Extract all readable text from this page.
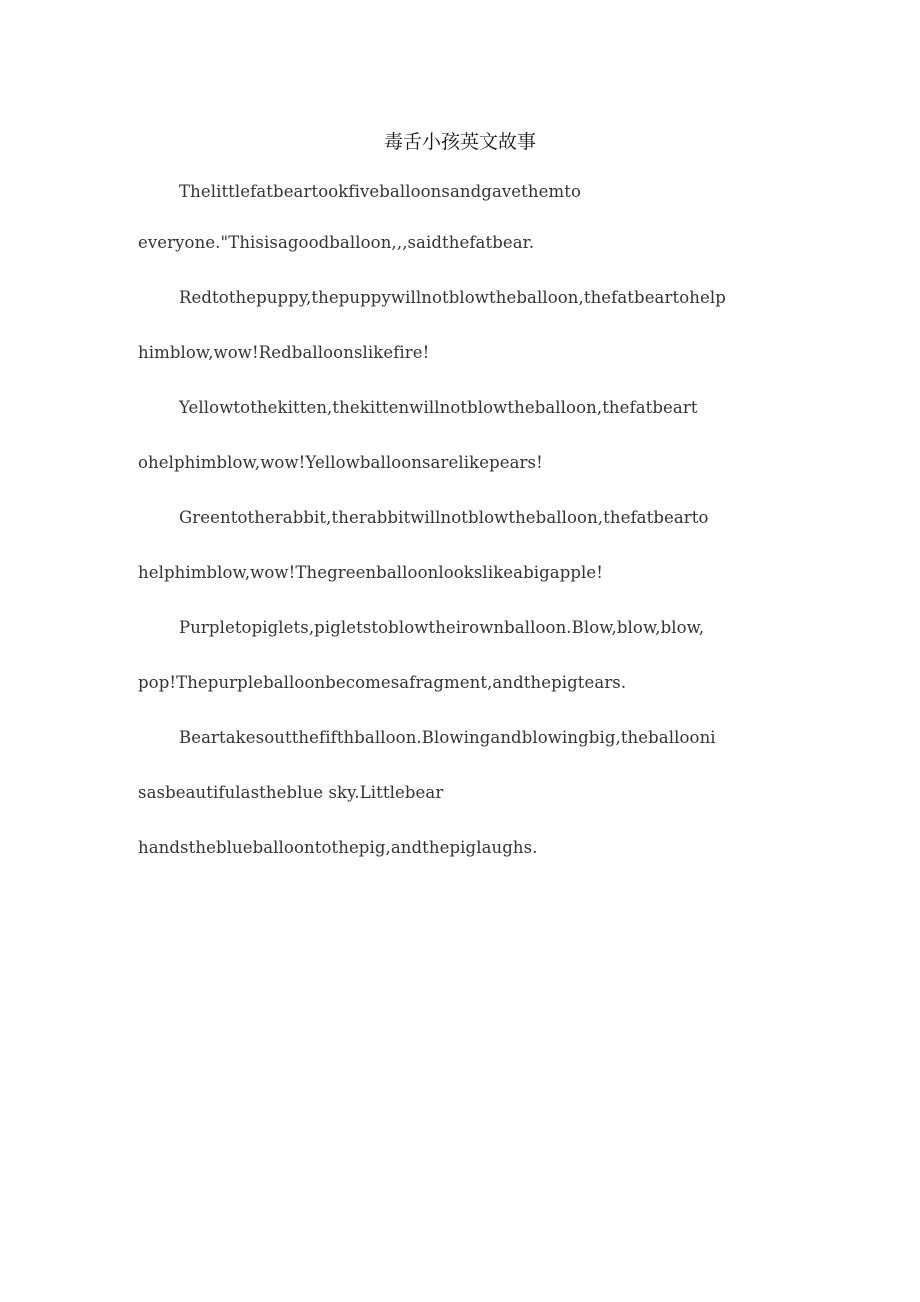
毒舌小孩英文故事
Thelittlefatbeartookfiveballoonsandgavethemto
everyone."Thisisagoodballoon,‚‚saidthefatbear.
Redtothepuppy,thepuppywillnotblowtheballoon,thefatbeartohelp
himblow,wow!Redballoonslikefire!
Yellowtothekitten,thekittenwillnotblowtheballoon,thefatbeart
ohelphimblow,wow!Yellowballoonsarelikepears!
Greentotherabbit,therabbitwillnotblowtheballoon,thefatbearto
helphimblow,wow!Thegreenballoonlookslikeabigapple!
Purpletopiglets,pigletstoblowtheirownballoon.Blow,blow,blow,
pop!Thepurpleballoonbecomesafragment,andthepigtears.
Beartakesoutthefifthballoon.Blowingandblowingbig,theballooni
sasbeautifulastheblue sky.Littlebear
handstheblueballoontothepig,andthepiglaughs.
